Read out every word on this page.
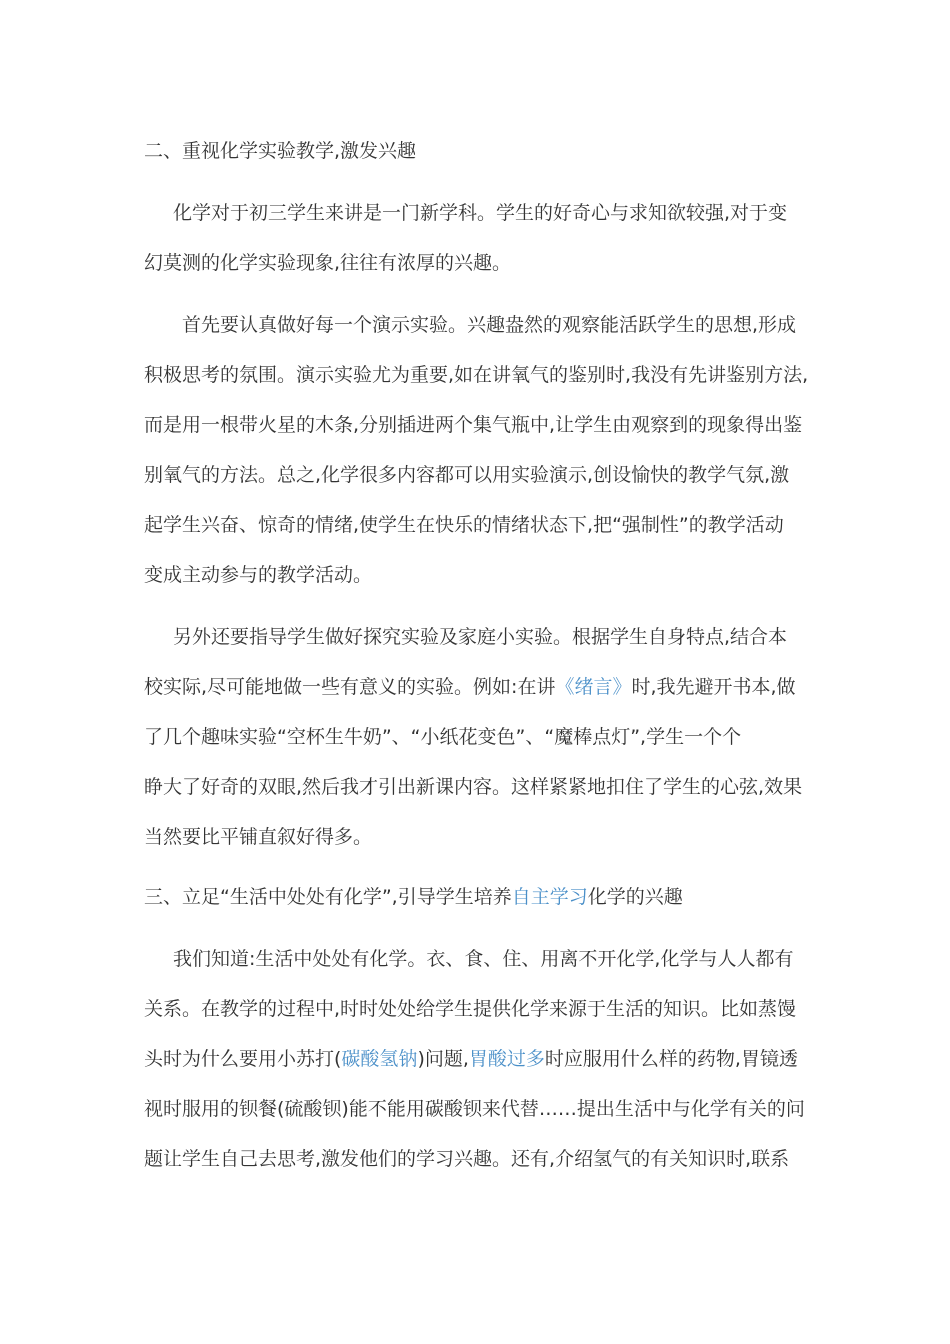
二、重视化学实验教学,激发兴趣
化学对于初三学生来讲是一门新学科。学生的好奇心与求知欲较强,对于变
幻莫测的化学实验现象,往往有浓厚的兴趣。
首先要认真做好每一个演示实验。兴趣盎然的观察能活跃学生的思想,形成
积极思考的氛围。演示实验尤为重要,如在讲氧气的鉴别时,我没有先讲鉴别方法,
而是用一根带火星的木条,分别插进两个集气瓶中,让学生由观察到的现象得出鉴
别氧气的方法。总之,化学很多内容都可以用实验演示,创设愉快的教学气氛,激
起学生兴奋、惊奇的情绪,使学生在快乐的情绪状态下,把“强制性”的教学活动
变成主动参与的教学活动。
另外还要指导学生做好探究实验及家庭小实验。根据学生自身特点,结合本
校实际,尽可能地做一些有意义的实验。例如:在讲《绪言》时,我先避开书本,做
了几个趣味实验“空杯生牛奶”、“小纸花变色”、“魔棒点灯”,学生一个个
睁大了好奇的双眼,然后我才引出新课内容。这样紧紧地扣住了学生的心弦,效果
当然要比平铺直叙好得多。
三、立足“生活中处处有化学”,引导学生培养自主学习化学的兴趣
我们知道:生活中处处有化学。衣、食、住、用离不开化学,化学与人人都有
关系。在教学的过程中,时时处处给学生提供化学来源于生活的知识。比如蒸馒
头时为什么要用小苏打(碳酸氢钠)问题,胃酸过多时应服用什么样的药物,胃镜透
视时服用的钡餐(硫酸钡)能不能用碳酸钡来代替……提出生活中与化学有关的问
题让学生自己去思考,激发他们的学习兴趣。还有,介绍氢气的有关知识时,联系
